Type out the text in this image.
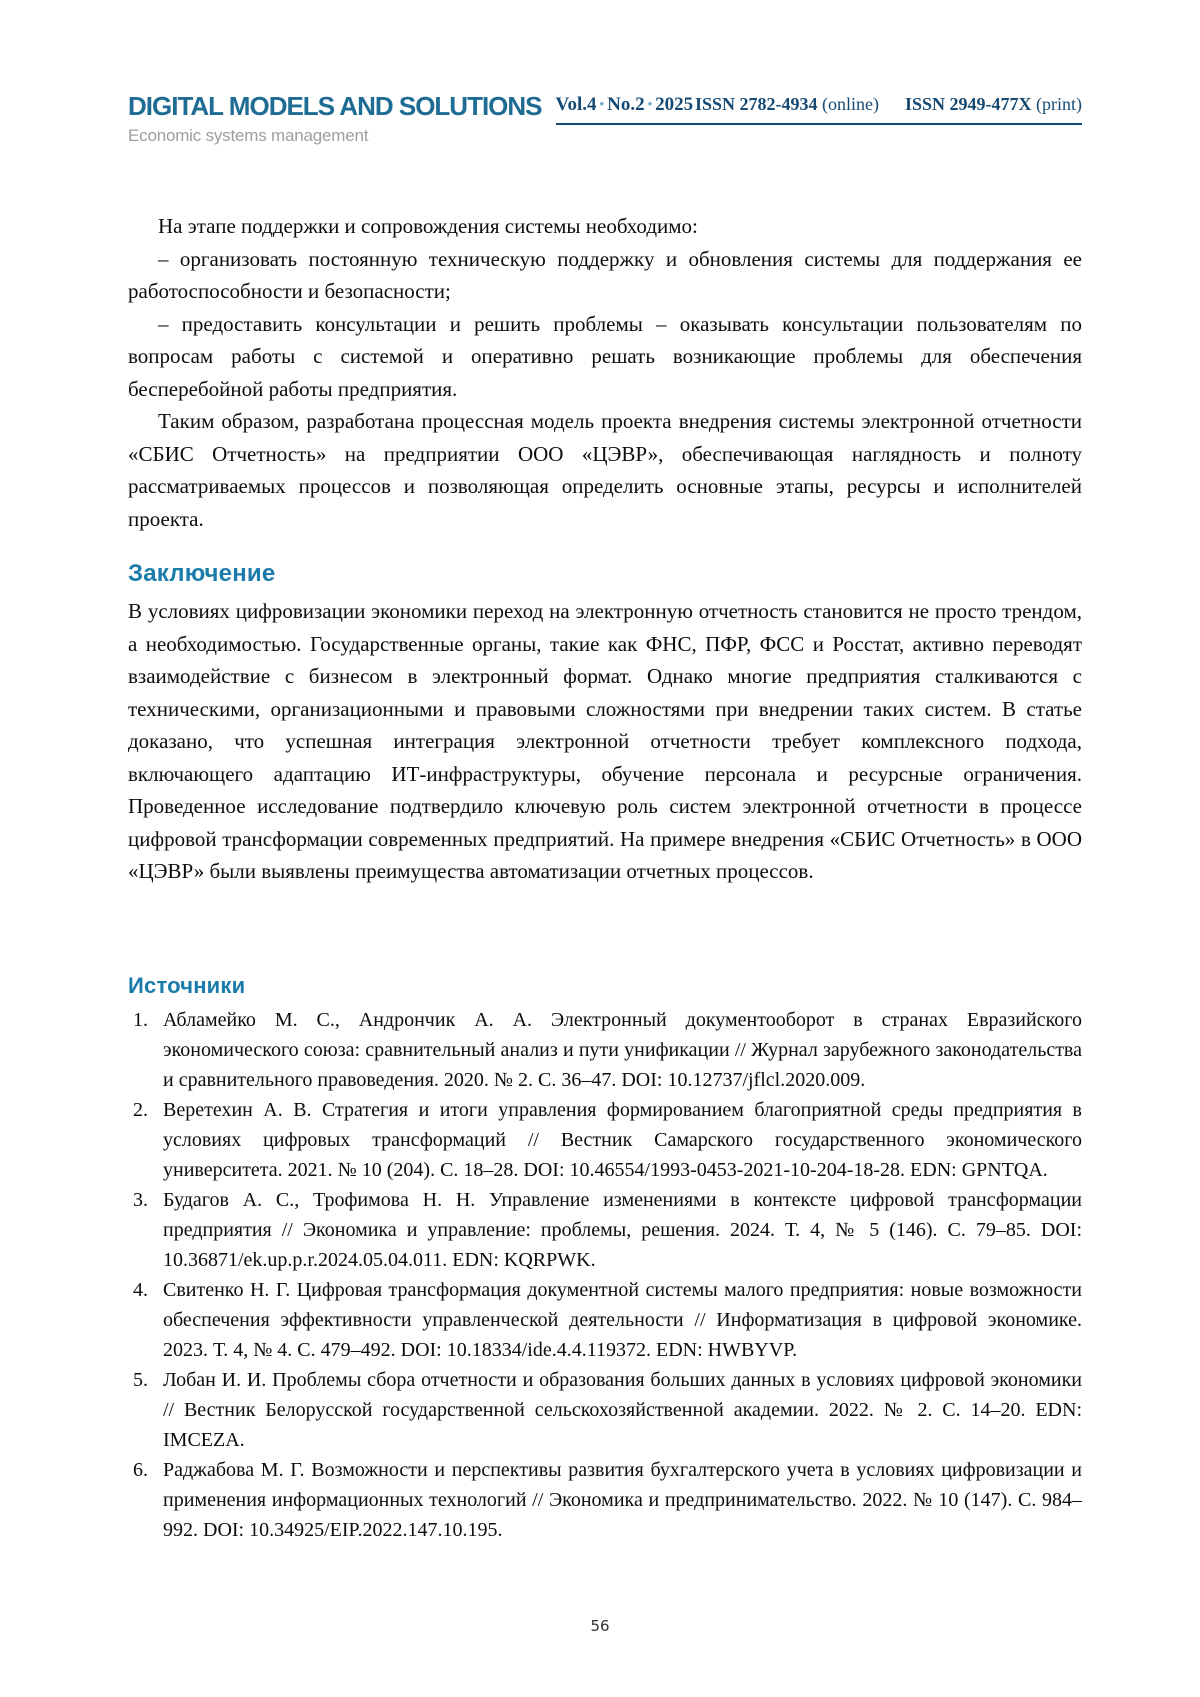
DIGITAL MODELS AND SOLUTIONS
Economic systems management
Vol.4 • No.2 • 2025 ISSN 2782-4934 (online) ISSN 2949-477X (print)

На этапе поддержки и сопровождения системы необходимо:

– организовать постоянную техническую поддержку и обновления системы для поддержания ее работоспособности и безопасности;

– предоставить консультации и решить проблемы – оказывать консультации пользователям по вопросам работы с системой и оперативно решать возникающие проблемы для обеспечения бесперебойной работы предприятия.

Таким образом, разработана процессная модель проекта внедрения системы электронной отчетности «СБИС Отчетность» на предприятии ООО «ЦЭВР», обеспечивающая наглядность и полноту рассматриваемых процессов и позволяющая определить основные этапы, ресурсы и исполнителей проекта.

Заключение

В условиях цифровизации экономики переход на электронную отчетность становится не просто трендом, а необходимостью. Государственные органы, такие как ФНС, ПФР, ФСС и Росстат, активно переводят взаимодействие с бизнесом в электронный формат. Однако многие предприятия сталкиваются с техническими, организационными и правовыми сложностями при внедрении таких систем. В статье доказано, что успешная интеграция электронной отчетности требует комплексного подхода, включающего адаптацию ИТ-инфраструктуры, обучение персонала и ресурсные ограничения. Проведенное исследование подтвердило ключевую роль систем электронной отчетности в процессе цифровой трансформации современных предприятий. На примере внедрения «СБИС Отчетность» в ООО «ЦЭВР» были выявлены преимущества автоматизации отчетных процессов.

Источники

1. Абламейко М. С., Андрончик А. А. Электронный документооборот в странах Евразийского экономического союза: сравнительный анализ и пути унификации // Журнал зарубежного законодательства и сравнительного правоведения. 2020. № 2. С. 36–47. DOI: 10.12737/jflcl.2020.009.
2. Веретехин А. В. Стратегия и итоги управления формированием благоприятной среды предприятия в условиях цифровых трансформаций // Вестник Самарского государственного экономического университета. 2021. № 10 (204). С. 18–28. DOI: 10.46554/1993-0453-2021-10-204-18-28. EDN: GPNTQA.
3. Будагов А. С., Трофимова Н. Н. Управление изменениями в контексте цифровой трансформации предприятия // Экономика и управление: проблемы, решения. 2024. Т. 4, № 5 (146). С. 79–85. DOI: 10.36871/ek.up.p.r.2024.05.04.011. EDN: KQRPWK.
4. Свитенко Н. Г. Цифровая трансформация документной системы малого предприятия: новые возможности обеспечения эффективности управленческой деятельности // Информатизация в цифровой экономике. 2023. Т. 4, № 4. С. 479–492. DOI: 10.18334/ide.4.4.119372. EDN: HWBYVP.
5. Лобан И. И. Проблемы сбора отчетности и образования больших данных в условиях цифровой экономики // Вестник Белорусской государственной сельскохозяйственной академии. 2022. № 2. С. 14–20. EDN: IMCEZA.
6. Раджабова М. Г. Возможности и перспективы развития бухгалтерского учета в условиях цифровизации и применения информационных технологий // Экономика и предпринимательство. 2022. № 10 (147). С. 984–992. DOI: 10.34925/EIP.2022.147.10.195.
56
